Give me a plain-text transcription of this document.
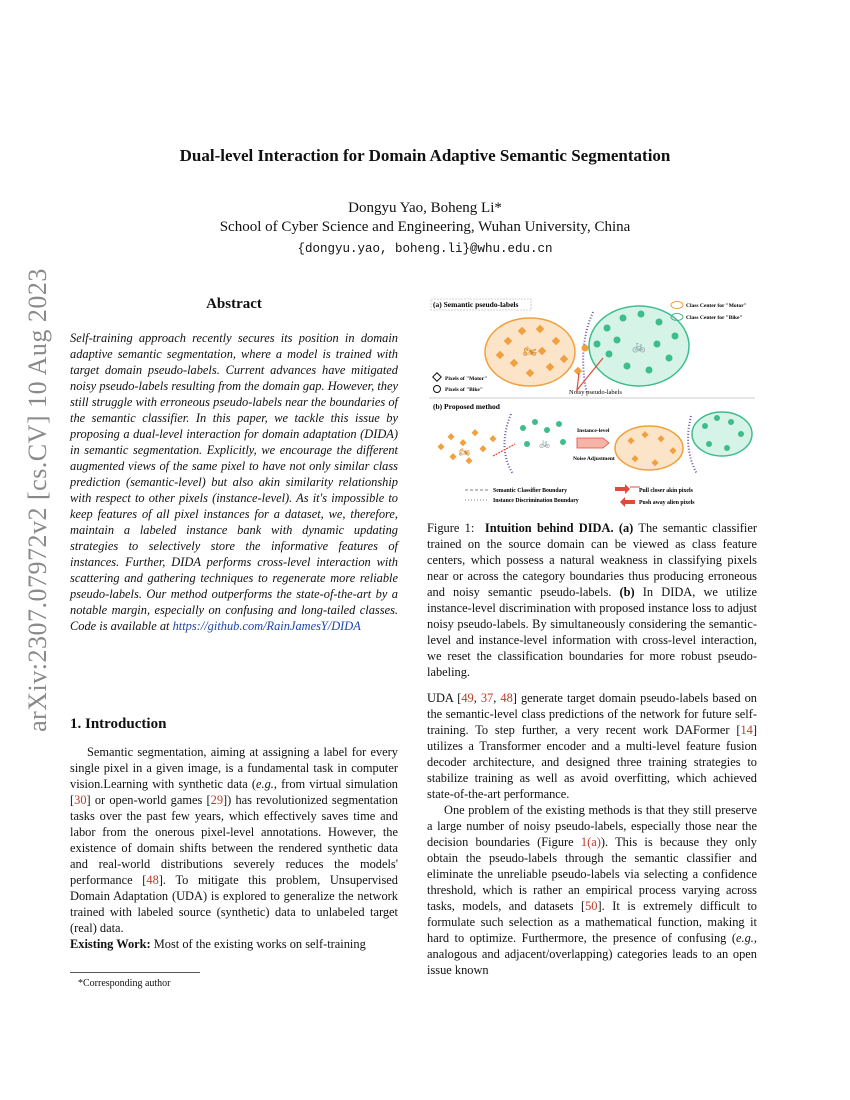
Dual-level Interaction for Domain Adaptive Semantic Segmentation
Dongyu Yao, Boheng Li*
School of Cyber Science and Engineering, Wuhan University, China
{dongyu.yao, boheng.li}@whu.edu.cn
arXiv:2307.07972v2 [cs.CV] 10 Aug 2023	Abstract
Self-training approach recently secures its position in domain adaptive semantic segmentation, where a model is trained with target domain pseudo-labels. Current advances have mitigated noisy pseudo-labels resulting from the domain gap. However, they still struggle with erroneous pseudo-labels near the boundaries of the semantic classifier. In this paper, we tackle this issue by proposing a dual-level interaction for domain adaptation (DIDA) in semantic segmentation. Explicitly, we encourage the different augmented views of the same pixel to have not only similar class prediction (semantic-level) but also akin similarity relationship with respect to other pixels (instance-level). As it's impossible to keep features of all pixel instances for a dataset, we, therefore, maintain a labeled instance bank with dynamic updating strategies to selectively store the informative features of instances. Further, DIDA performs cross-level interaction with scattering and gathering techniques to regenerate more reliable pseudo-labels. Our method outperforms the state-of-the-art by a notable margin, especially on confusing and long-tailed classes. Code is available at https://github.com/RainJamesY/DIDA
1. Introduction

Semantic segmentation, aiming at assigning a label for every single pixel in a given image, is a fundamental task in computer vision.Learning with synthetic data (e.g., from virtual simulation [30] or open-world games [29]) has revolutionized segmentation tasks over the past few years, which effectively saves time and labor from the onerous pixel-level annotations. However, the existence of domain shifts between the rendered synthetic data and real-world distributions severely reduces the models' performance [48]. To mitigate this problem, Unsupervised Domain Adaptation (UDA) is explored to generalize the network trained with labeled source (synthetic) data to unlabeled target (real) data.

Existing Work: Most of the existing works on self-training

*Corresponding author
(a) Semantic pseudo-labels
🏍	🚲
Noisy pseudo-labels
Class Center for "Motor"
Class Center for "Bike"
Pixels of "Motor"
Pixels of "Bike"
(b) Proposed method
🏍
🚲
Instance-level
Noise Adjustment
Semantic Classifier Boundary
Instance Discrimination Boundary
Pull closer akin pixels
Push away alien pixels
Figure 1: Intuition behind DIDA. (a) The semantic classifier trained on the source domain can be viewed as class feature centers, which possess a natural weakness in classifying pixels near or across the category boundaries thus producing erroneous and noisy semantic pseudo-labels. (b) In DIDA, we utilize instance-level discrimination with proposed instance loss to adjust noisy pseudo-labels. By simultaneously considering the semantic-level and instance-level information with cross-level interaction, we reset the classification boundaries for more robust pseudo-labeling.

UDA [49, 37, 48] generate target domain pseudo-labels based on the semantic-level class predictions of the network for future self-training. To step further, a very recent work DAFormer [14] utilizes a Transformer encoder and a multi-level feature fusion decoder architecture, and designed three training strategies to stabilize training as well as avoid overfitting, which achieved state-of-the-art performance.

One problem of the existing methods is that they still preserve a large number of noisy pseudo-labels, especially those near the decision boundaries (Figure 1(a)). This is because they only obtain the pseudo-labels through the semantic classifier and eliminate the unreliable pseudo-labels via selecting a confidence threshold, which is rather an empirical process varying across tasks, models, and datasets [50]. It is extremely difficult to formulate such selection as a mathematical function, making it hard to optimize. Furthermore, the presence of confusing (e.g., analogous and adjacent/overlapping) categories leads to an open issue known
